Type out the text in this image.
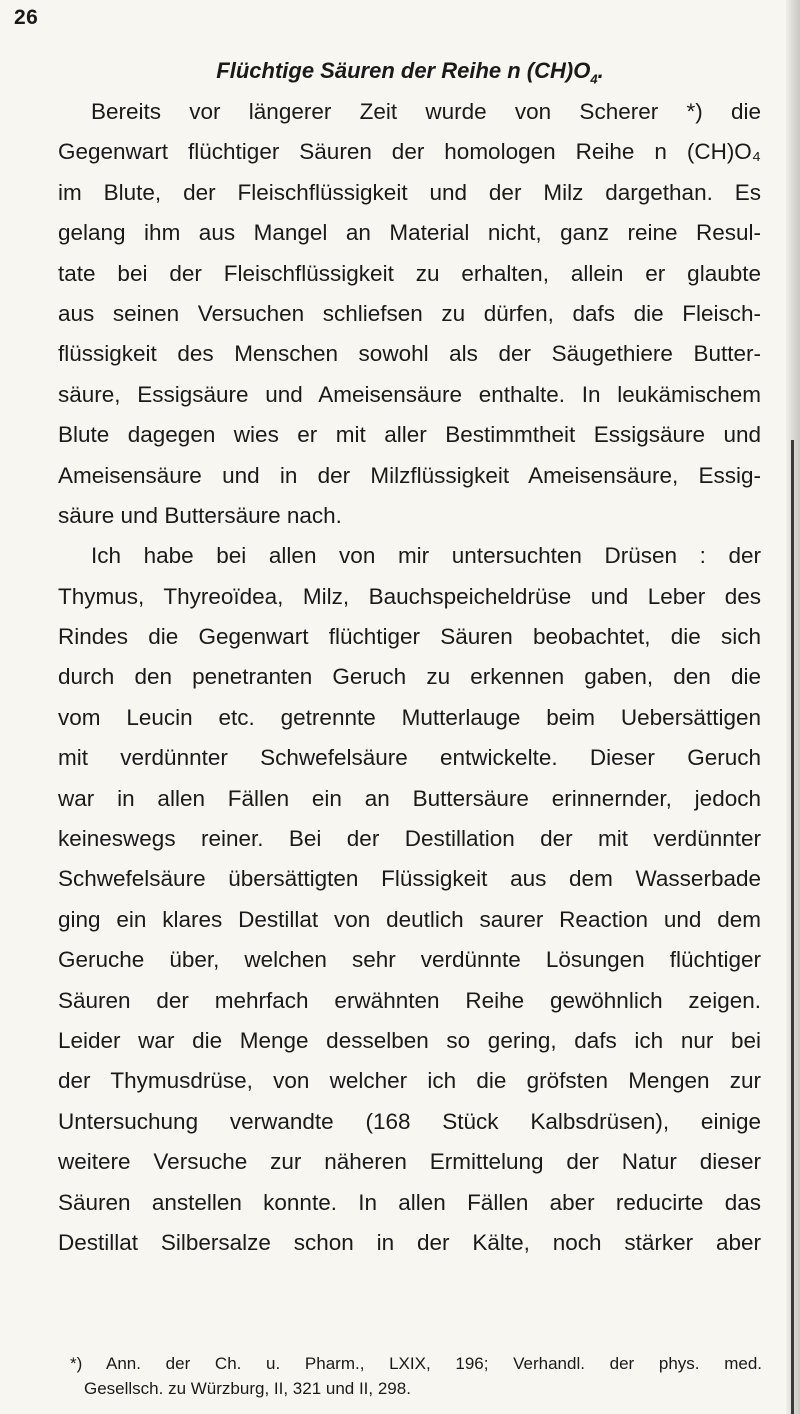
26
Flüchtige Säuren der Reihe n $(CH)O_4$.
Bereits vor längerer Zeit wurde von Scherer *) die
Gegenwart flüchtiger Säuren der homologen Reihe n (CH)O₄
im Blute, der Fleischflüssigkeit und der Milz dargethan. Es
gelang ihm aus Mangel an Material nicht, ganz reine Resul-
tate bei der Fleischflüssigkeit zu erhalten, allein er glaubte
aus seinen Versuchen schliefsen zu dürfen, dafs die Fleisch-
flüssigkeit des Menschen sowohl als der Säugethiere Butter-
säure, Essigsäure und Ameisensäure enthalte. In leukämischem
Blute dagegen wies er mit aller Bestimmtheit Essigsäure und
Ameisensäure und in der Milzflüssigkeit Ameisensäure, Essig-
säure und Buttersäure nach.
Ich habe bei allen von mir untersuchten Drüsen : der
Thymus, Thyreoïdea, Milz, Bauchspeicheldrüse und Leber des
Rindes die Gegenwart flüchtiger Säuren beobachtet, die sich
durch den penetranten Geruch zu erkennen gaben, den die
vom Leucin etc. getrennte Mutterlauge beim Uebersättigen
mit verdünnter Schwefelsäure entwickelte. Dieser Geruch
war in allen Fällen ein an Buttersäure erinnernder, jedoch
keineswegs reiner. Bei der Destillation der mit verdünnter
Schwefelsäure übersättigten Flüssigkeit aus dem Wasserbade
ging ein klares Destillat von deutlich saurer Reaction und dem
Geruche über, welchen sehr verdünnte Lösungen flüchtiger
Säuren der mehrfach erwähnten Reihe gewöhnlich zeigen.
Leider war die Menge desselben so gering, dafs ich nur bei
der Thymusdrüse, von welcher ich die gröfsten Mengen zur
Untersuchung verwandte (168 Stück Kalbsdrüsen), einige
weitere Versuche zur näheren Ermittelung der Natur dieser
Säuren anstellen konnte. In allen Fällen aber reducirte das
Destillat Silbersalze schon in der Kälte, noch stärker aber
*) Ann. der Ch. u. Pharm., LXIX, 196; Verhandl. der phys. med.
Gesellsch. zu Würzburg, II, 321 und II, 298.
